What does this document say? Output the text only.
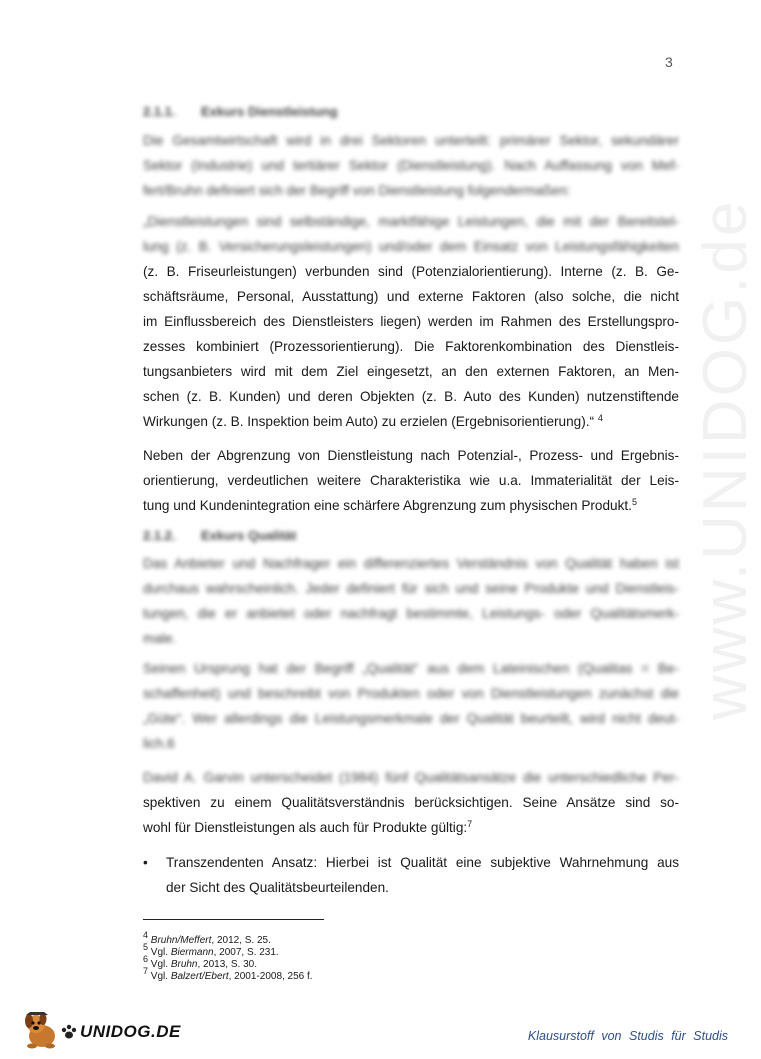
3
www.UNIDOG.de
2.1.1. Exkurs Dienstleistung
Die Gesamtwirtschaft wird in drei Sektoren unterteilt: primärer Sektor, sekundärer
Sektor (Industrie) und tertiärer Sektor (Dienstleistung). Nach Auffassung von Mef-
fert/Bruhn definiert sich der Begriff von Dienstleistung folgendermaßen:
„Dienstleistungen sind selbständige, marktfähige Leistungen, die mit der Bereitstel-
lung (z. B. Versicherungsleistungen) und/oder dem Einsatz von Leistungsfähigkeiten
(z. B. Friseurleistungen) verbunden sind (Potenzialorientierung). Interne (z. B. Ge-
schäftsräume, Personal, Ausstattung) und externe Faktoren (also solche, die nicht
im Einflussbereich des Dienstleisters liegen) werden im Rahmen des Erstellungspro-
zesses kombiniert (Prozessorientierung). Die Faktorenkombination des Dienstleis-
tungsanbieters wird mit dem Ziel eingesetzt, an den externen Faktoren, an Men-
schen (z. B. Kunden) und deren Objekten (z. B. Auto des Kunden) nutzenstiftende
Wirkungen (z. B. Inspektion beim Auto) zu erzielen (Ergebnisorientierung).“ $^4$
Neben der Abgrenzung von Dienstleistung nach Potenzial-, Prozess- und Ergebnis-
orientierung, verdeutlichen weitere Charakteristika wie u.a. Immaterialität der Leis-
tung und Kundenintegration eine schärfere Abgrenzung zum physischen Produkt.$^5$
2.1.2. Exkurs Qualität
Das Anbieter und Nachfrager ein differenziertes Verständnis von Qualität haben ist
durchaus wahrscheinlich. Jeder definiert für sich und seine Produkte und Dienstleis-
tungen, die er anbietet oder nachfragt bestimmte, Leistungs- oder Qualitätsmerk-
male.
Seinen Ursprung hat der Begriff „Qualität“ aus dem Lateinischen (Qualitas = Be-
schaffenheit) und beschreibt von Produkten oder von Dienstleistungen zunächst die
„Güte“. Wer allerdings die Leistungsmerkmale der Qualität beurteilt, wird nicht deut-
lich.6
David A. Garvin unterscheidet (1984) fünf Qualitätsansätze die unterschiedliche Per-
spektiven zu einem Qualitätsverständnis berücksichtigen. Seine Ansätze sind so-
wohl für Dienstleistungen als auch für Produkte gültig:$^7$
• Transzendenten Ansatz: Hierbei ist Qualität eine subjektive Wahrnehmung aus
der Sicht des Qualitätsbeurteilenden.
$^4$ Bruhn/Meffert, 2012, S. 25.
$^5$ Vgl. Biermann, 2007, S. 231.
$^6$ Vgl. Bruhn, 2013, S. 30.
$^7$ Vgl. Balzert/Ebert, 2001-2008, 256 f.
UNIDOG.DE	Klausurstoff von Studis für Studis
